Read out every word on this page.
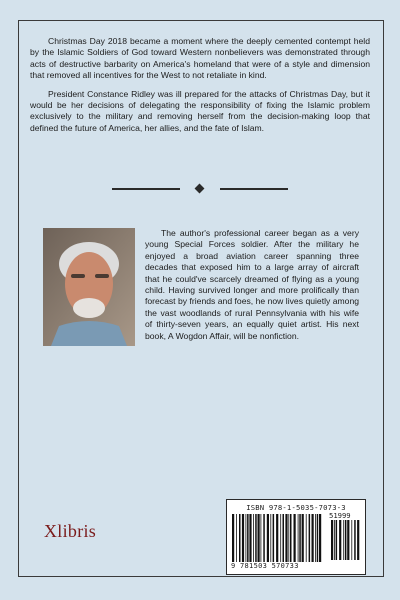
Christmas Day 2018 became a moment where the deeply cemented contempt held by the Islamic Soldiers of God toward Western nonbelievers was demonstrated through acts of destructive barbarity on America's homeland that were of a style and dimension that removed all incentives for the West to not retaliate in kind.

President Constance Ridley was ill prepared for the attacks of Christmas Day, but it would be her decisions of delegating the responsibility of fixing the Islamic problem exclusively to the military and removing herself from the decision-making loop that defined the future of America, her allies, and the fate of Islam.

The author's professional career began as a very young Special Forces soldier. After the military he enjoyed a broad aviation career spanning three decades that exposed him to a large array of aircraft that he could've scarcely dreamed of flying as a young child. Having survived longer and more prolifically than forecast by friends and foes, he now lives quietly among the vast woodlands of rural Pennsylvania with his wife of thirty-seven years, an equally quiet artist. His next book, A Wogdon Affair, will be nonfiction.

Xlibris
ISBN 978-1-5035-7073-3
51999
9 781503 570733
